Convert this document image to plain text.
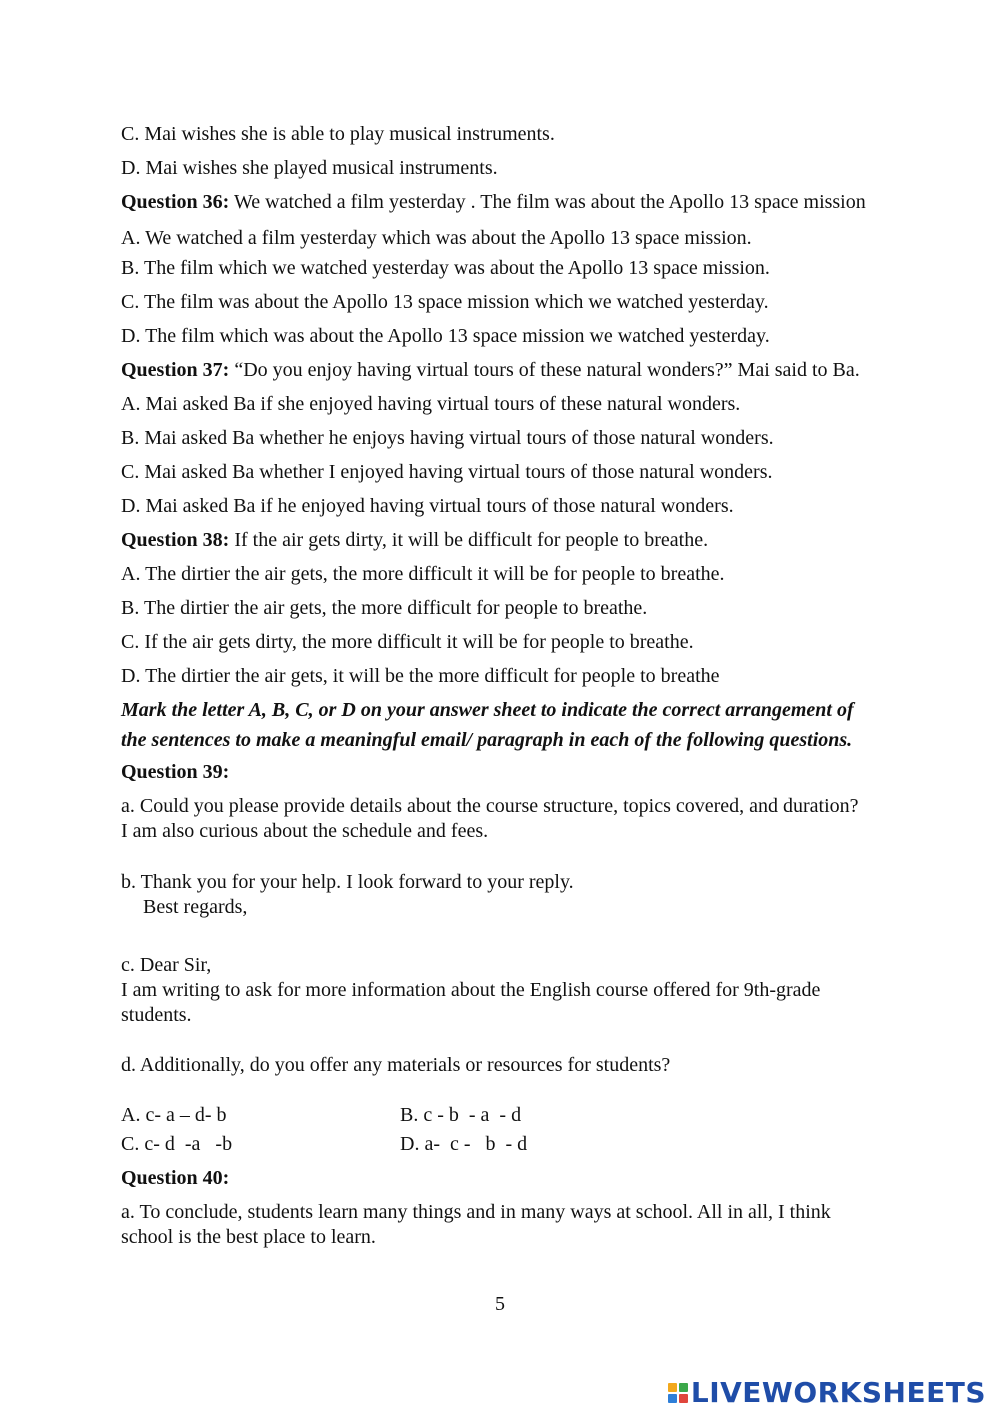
C. Mai wishes she is able to play musical instruments.
D. Mai wishes she played musical instruments.
Question 36: We watched a film yesterday . The film was about the Apollo 13 space mission
A. We watched a film yesterday which was about the Apollo 13 space mission.
B. The film which we watched yesterday was about the Apollo 13 space mission.
C. The film was about the Apollo 13 space mission which we watched yesterday.
D. The film which was about the Apollo 13 space mission we watched yesterday.
Question 37: “Do you enjoy having virtual tours of these natural wonders?” Mai said to Ba.
A. Mai asked Ba if she enjoyed having virtual tours of these natural wonders.
B. Mai asked Ba whether he enjoys having virtual tours of those natural wonders.
C. Mai asked Ba whether I enjoyed having virtual tours of those natural wonders.
D. Mai asked Ba if he enjoyed having virtual tours of those natural wonders.
Question 38: If the air gets dirty, it will be difficult for people to breathe.
A. The dirtier the air gets, the more difficult it will be for people to breathe.
B. The dirtier the air gets, the more difficult for people to breathe.
C. If the air gets dirty, the more difficult it will be for people to breathe.
D. The dirtier the air gets, it will be the more difficult for people to breathe
Mark the letter A, B, C, or D on your answer sheet to indicate the correct arrangement of
the sentences to make a meaningful email/ paragraph in each of the following questions.
Question 39:
a. Could you please provide details about the course structure, topics covered, and duration?
I am also curious about the schedule and fees.
b. Thank you for your help. I look forward to your reply.
Best regards,
c. Dear Sir,
I am writing to ask for more information about the English course offered for 9th-grade
students.
d. Additionally, do you offer any materials or resources for students?
A. c- a – d- b	B. c - b  - a  - d
C. c- d  -a   -b	D. a-  c -   b  - d
Question 40:
a. To conclude, students learn many things and in many ways at school. All in all, I think
school is the best place to learn.
5
LIVEWORKSHEETS
